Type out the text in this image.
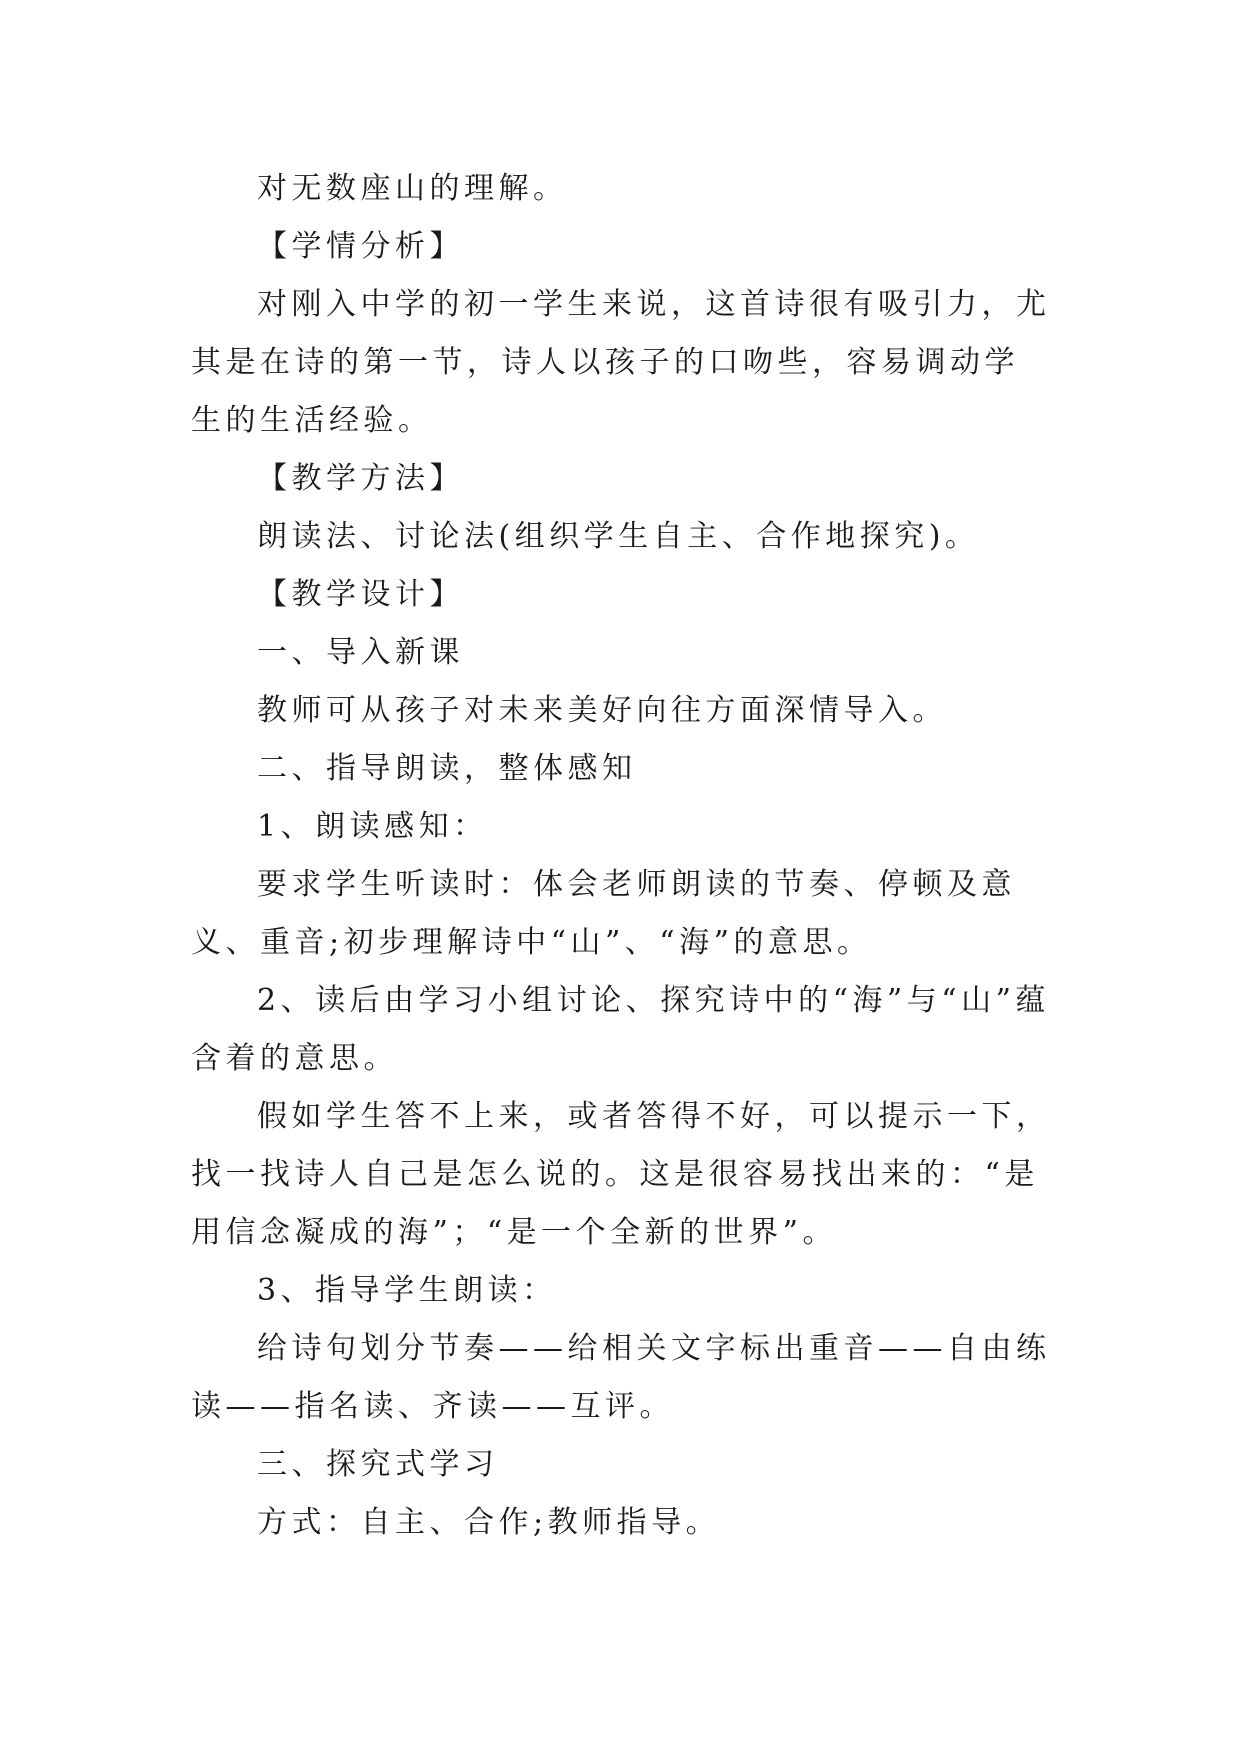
对无数座山的理解。

【学情分析】

对刚入中学的初一学生来说，这首诗很有吸引力，尤其是在诗的第一节，诗人以孩子的口吻些，容易调动学生的生活经验。

【教学方法】

朗读法、讨论法(组织学生自主、合作地探究)。

【教学设计】

一、导入新课

教师可从孩子对未来美好向往方面深情导入。

二、指导朗读，整体感知

1、朗读感知：

要求学生听读时：体会老师朗读的节奏、停顿及意义、重音;初步理解诗中“山”、“海”的意思。

2、读后由学习小组讨论、探究诗中的“海”与“山”蕴含着的意思。

假如学生答不上来，或者答得不好，可以提示一下，找一找诗人自己是怎么说的。这是很容易找出来的：“是用信念凝成的海”；“是一个全新的世界”。

3、指导学生朗读：

给诗句划分节奏——给相关文字标出重音——自由练读——指名读、齐读——互评。

三、探究式学习

方式：自主、合作;教师指导。
